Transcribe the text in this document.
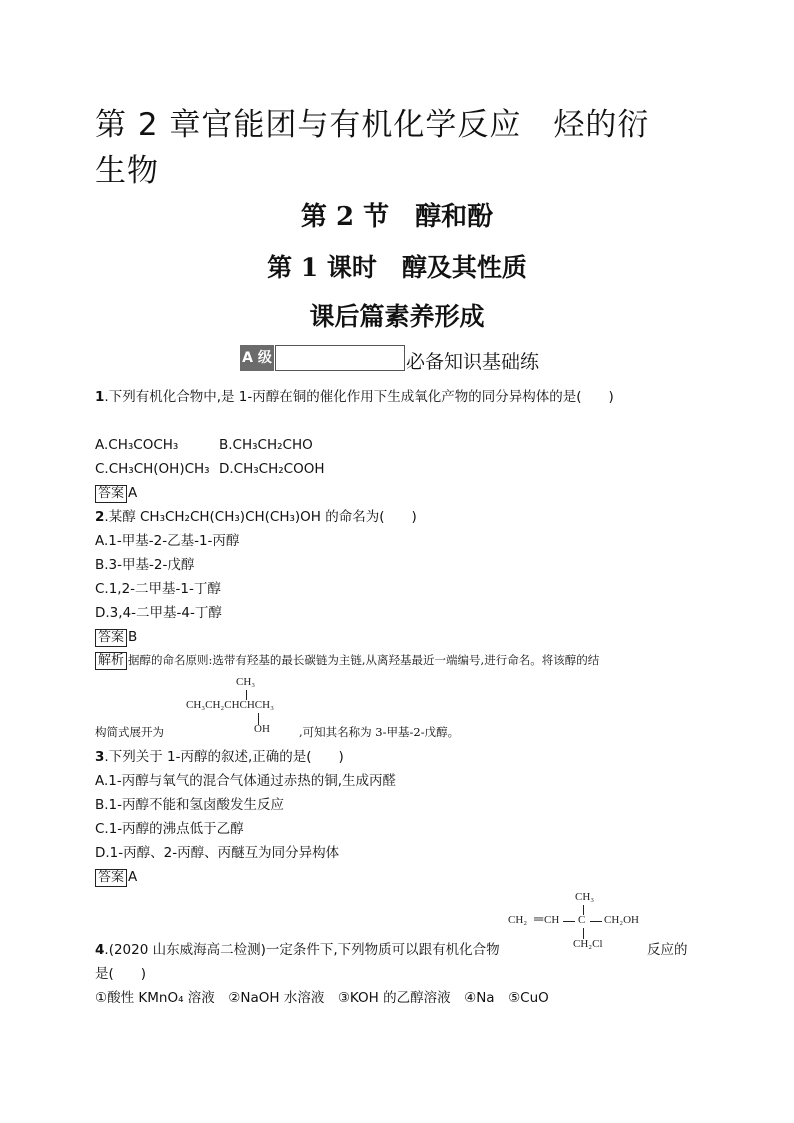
第 2 章官能团与有机化学反应　烃的衍
生物
第 2 节　醇和酚
第 1 课时　醇及其性质
课后篇素养形成
A 级	必备知识基础练
1.下列有机化合物中,是 1-丙醇在铜的催化作用下生成氧化产物的同分异构体的是(　　)
A.CH₃COCH₃	B.CH₃CH₂CHO
C.CH₃CH(OH)CH₃ D.CH₃CH₂COOH
答案 A
2.某醇 CH₃CH₂CH(CH₃)CH(CH₃)OH 的命名为(　　)
A.1-甲基-2-乙基-1-丙醇
B.3-甲基-2-戊醇
C.1,2-二甲基-1-丁醇
D.3,4-二甲基-4-丁醇
答案 B
解析 据醇的命名原则:选带有羟基的最长碳链为主链,从离羟基最近一端编号,进行命名。将该醇的结
CH₃
CH₃CH₂CHCHCH₃
OH
构简式展开为	,可知其名称为 3-甲基-2-戊醇。
3.下列关于 1-丙醇的叙述,正确的是(　　)
A.1-丙醇与氧气的混合气体通过赤热的铜,生成丙醛
B.1-丙醇不能和氢卤酸发生反应
C.1-丙醇的沸点低于乙醇
D.1-丙醇、2-丙醇、丙醚互为同分异构体
答案 A
CH₃
CH₂ ═ CH C CH₂OH
CH₂Cl
4.(2020 山东威海高二检测)一定条件下,下列物质可以跟有机化合物	反应的
是(　　)
①酸性 KMnO₄ 溶液　②NaOH 水溶液　③KOH 的乙醇溶液　④Na　⑤CuO
